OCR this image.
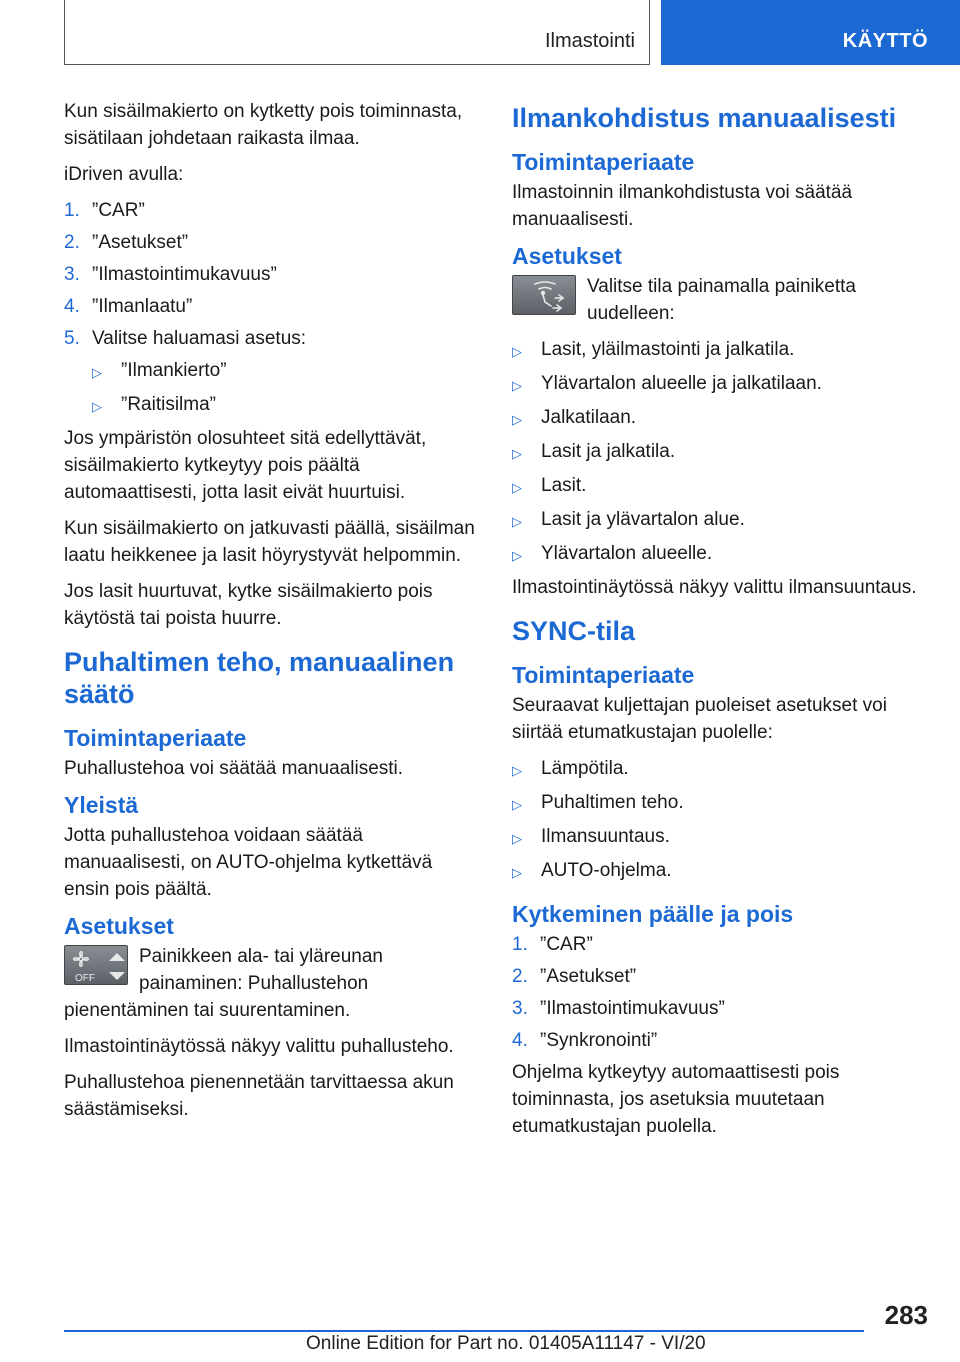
Ilmastointi	KÄYTTÖ

Kun sisäilmakierto on kytketty pois toiminnasta, sisätilaan johdetaan raikasta ilmaa.

iDriven avulla:

1. ”CAR”
2. ”Asetukset”
3. ”Ilmastointimukavuus”
4. ”Ilmanlaatu”
5. Valitse haluamasi asetus:
▷	”Ilmankierto”
▷	”Raitisilma”

Jos ympäristön olosuhteet sitä edellyttävät, sisäilmakierto kytkeytyy pois päältä automaattisesti, jotta lasit eivät huurtuisi.

Kun sisäilmakierto on jatkuvasti päällä, sisäilman laatu heikkenee ja lasit höyrystyvät helpommin.

Jos lasit huurtuvat, kytke sisäilmakierto pois käytöstä tai poista huurre.

Puhaltimen teho, manuaalinen säätö
Toimintaperiaate

Puhallustehoa voi säätää manuaalisesti.

Yleistä

Jotta puhallustehoa voidaan säätää manuaalisesti, on AUTO-ohjelma kytkettävä ensin pois päältä.

Asetukset
OFF

Painikkeen ala- tai yläreunan painaminen: Puhallustehon pienentäminen tai suurentaminen.

Ilmastointinäytössä näkyy valittu puhallusteho.

Puhallustehoa pienennetään tarvittaessa akun säästämiseksi.

Ilmankohdistus manuaalisesti
Toimintaperiaate

Ilmastoinnin ilmankohdistusta voi säätää manuaalisesti.

Asetukset

Valitse tila painamalla painiketta uudelleen:

▷	Lasit, yläilmastointi ja jalkatila.
▷	Ylävartalon alueelle ja jalkatilaan.
▷	Jalkatilaan.
▷	Lasit ja jalkatila.
▷	Lasit.
▷	Lasit ja ylävartalon alue.
▷	Ylävartalon alueelle.

Ilmastointinäytössä näkyy valittu ilmansuuntaus.

SYNC-tila
Toimintaperiaate

Seuraavat kuljettajan puoleiset asetukset voi siirtää etumatkustajan puolelle:

▷	Lämpötila.
▷	Puhaltimen teho.
▷	Ilmansuuntaus.
▷	AUTO-ohjelma.
Kytkeminen päälle ja pois
1. ”CAR”
2. ”Asetukset”
3. ”Ilmastointimukavuus”
4. ”Synkronointi”

Ohjelma kytkeytyy automaattisesti pois toiminnasta, jos asetuksia muutetaan etumatkustajan puolella.

283
Online Edition for Part no. 01405A11147 - VI/20
